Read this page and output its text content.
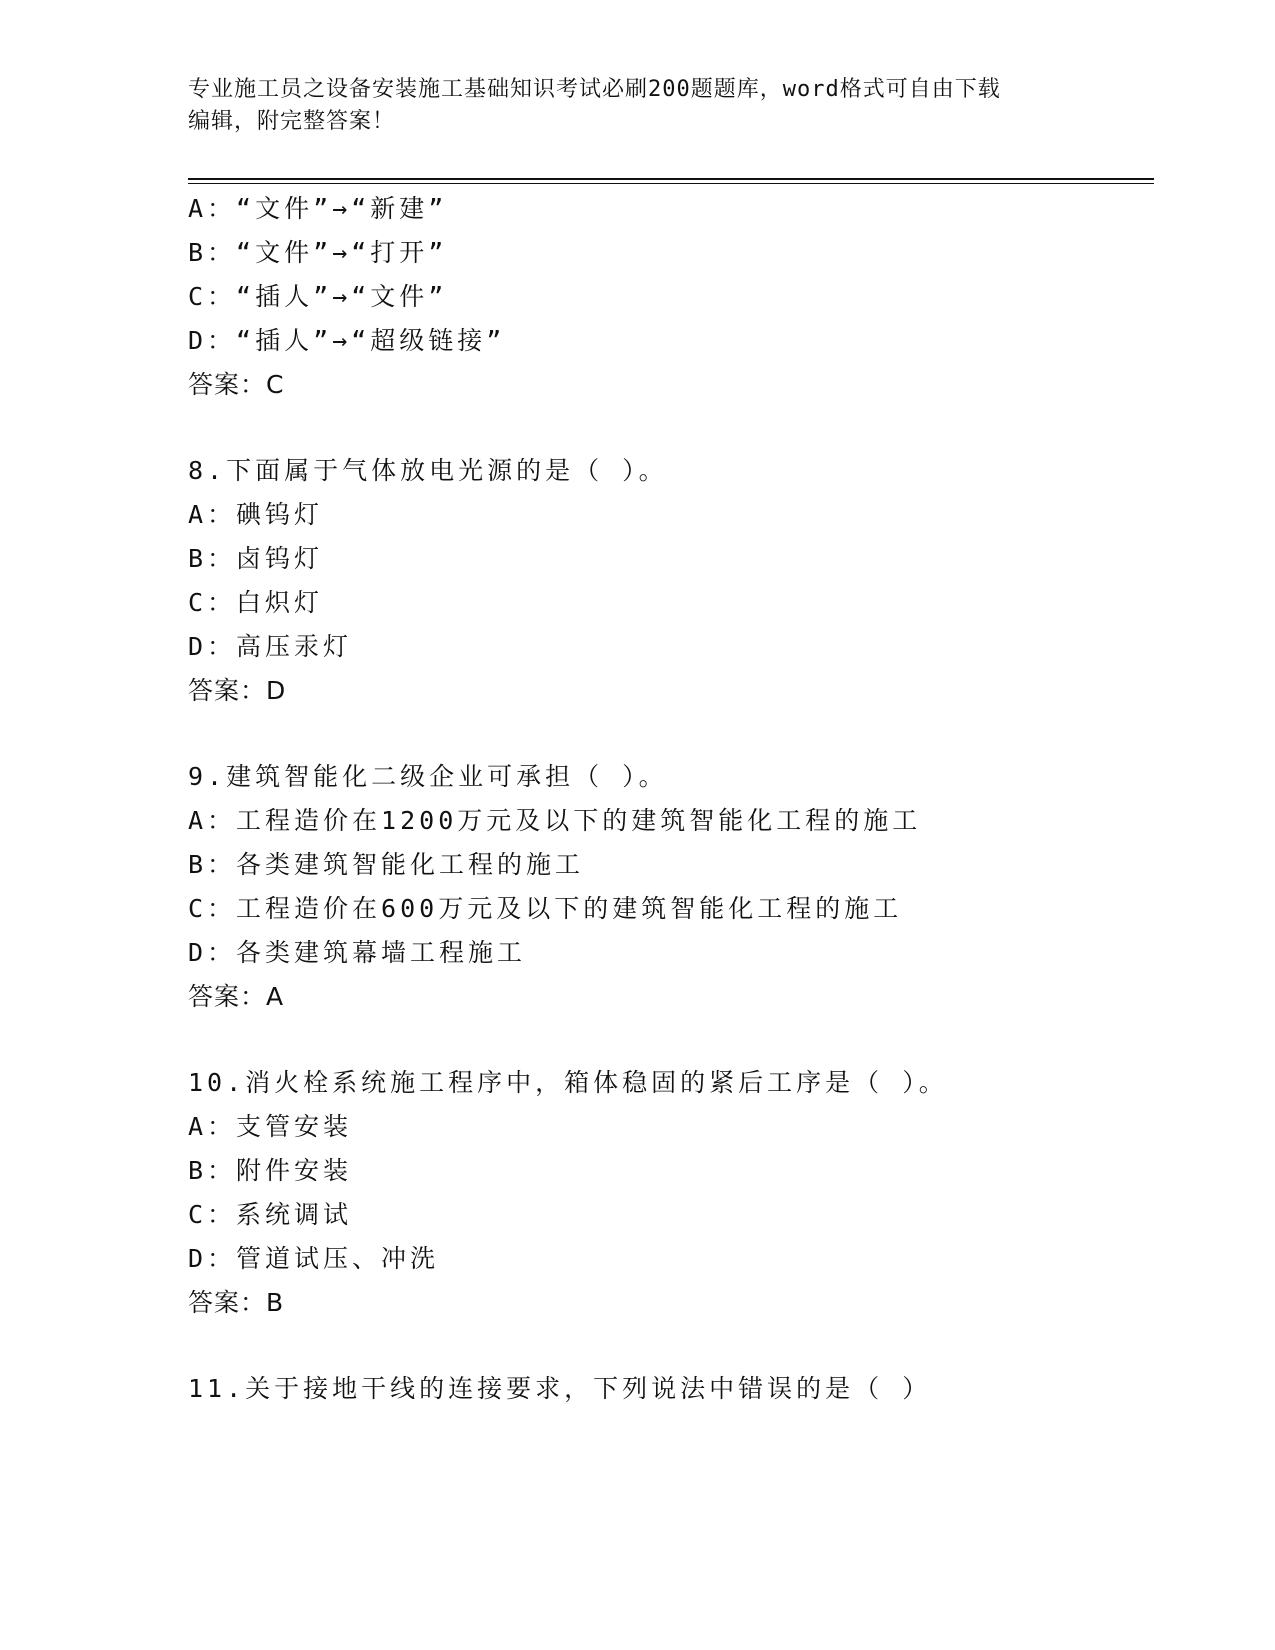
专业施工员之设备安装施工基础知识考试必刷200题题库，word格式可自由下载
编辑，附完整答案！
A：“文件”→“新建”
B：“文件”→“打开”
C：“插人”→“文件”
D：“插人”→“超级链接”
答案：C
8.下面属于气体放电光源的是（ ）。
A：碘钨灯
B：卤钨灯
C：白炽灯
D：高压汞灯
答案：D
9.建筑智能化二级企业可承担（ ）。
A：工程造价在1200万元及以下的建筑智能化工程的施工
B：各类建筑智能化工程的施工
C：工程造价在600万元及以下的建筑智能化工程的施工
D：各类建筑幕墙工程施工
答案：A
10.消火栓系统施工程序中，箱体稳固的紧后工序是（ ）。
A：支管安装
B：附件安装
C：系统调试
D：管道试压、冲洗
答案：B
11.关于接地干线的连接要求，下列说法中错误的是（ ）
